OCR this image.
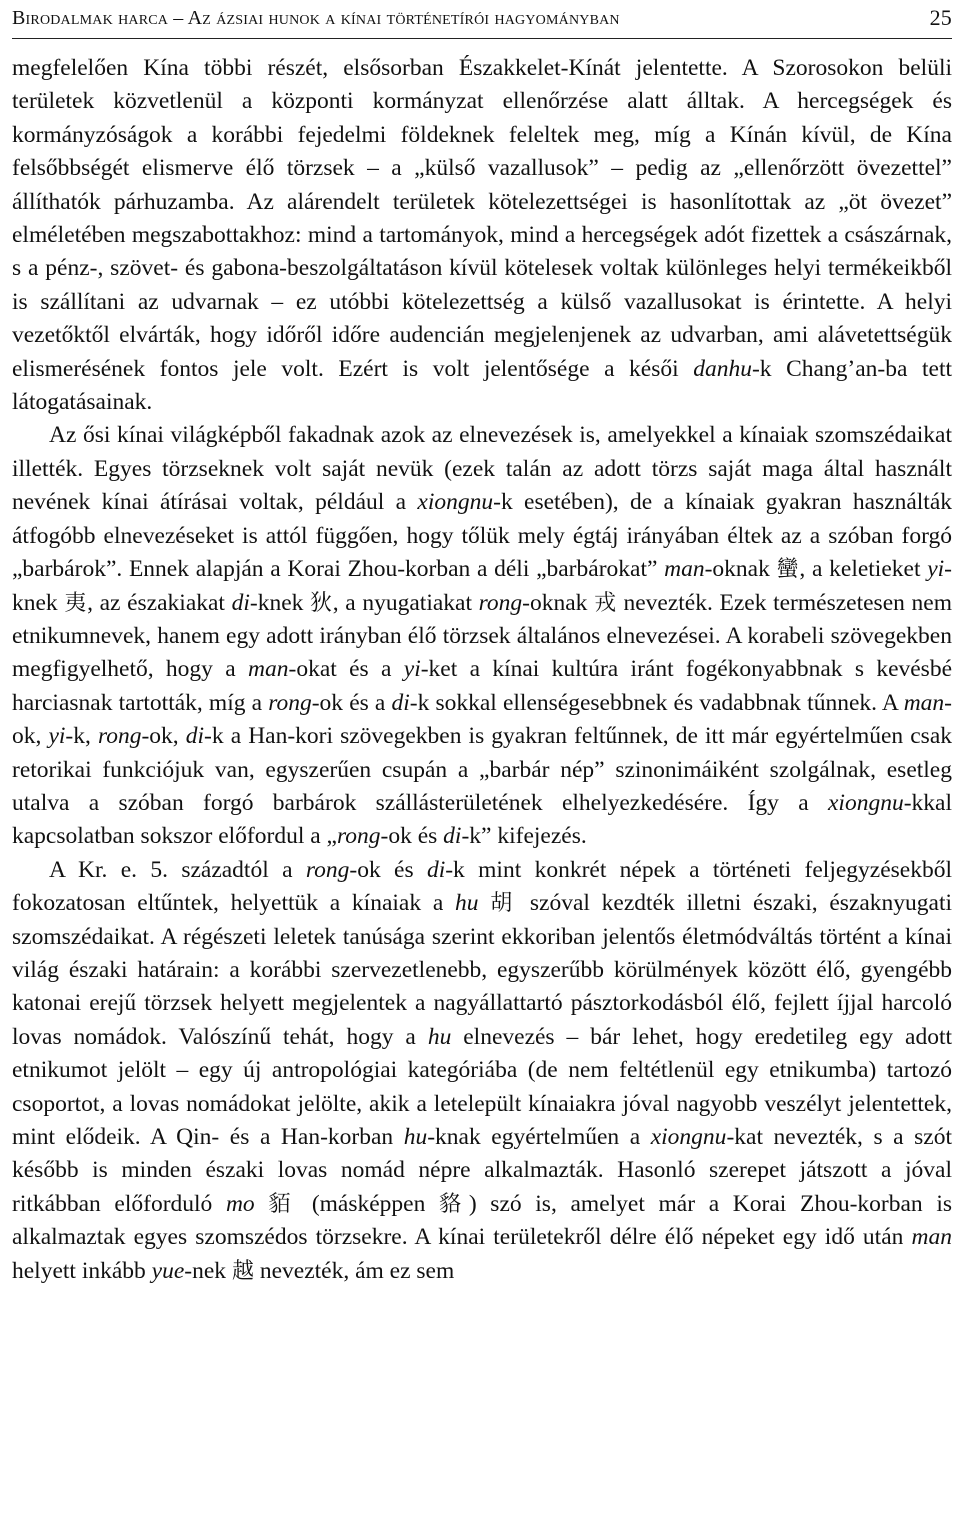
Birodalmak harca – Az ázsiai hunok a kínai történetírói hagyományban	25

megfelelően Kína többi részét, elsősorban Északkelet-Kínát jelentette. A Szorosokon belüli területek közvetlenül a központi kormányzat ellenőrzése alatt álltak. A hercegségek és kormányzóságok a korábbi fejedelmi földeknek feleltek meg, míg a Kínán kívül, de Kína felsőbbségét elismerve élő törzsek – a „külső vazallusok” – pedig az „ellenőrzött övezettel” állíthatók párhuzamba. Az alárendelt területek kötelezettségei is hasonlítottak az „öt övezet” elméletében megszabottakhoz: mind a tartományok, mind a hercegségek adót fizettek a császárnak, s a pénz-, szövet- és gabona-beszolgáltatáson kívül kötelesek voltak különleges helyi termékeikből is szállítani az udvarnak – ez utóbbi kötelezettség a külső vazallusokat is érintette. A helyi vezetőktől elvárták, hogy időről időre audencián megjelenjenek az udvarban, ami alávetettségük elismerésének fontos jele volt. Ezért is volt jelentősége a késői danhu-k Chang’an-ba tett látogatásainak.

Az ősi kínai világképből fakadnak azok az elnevezések is, amelyekkel a kínaiak szomszédaikat illették. Egyes törzseknek volt saját nevük (ezek talán az adott törzs saját maga által használt nevének kínai átírásai voltak, például a xiongnu-k esetében), de a kínaiak gyakran használták átfogóbb elnevezéseket is attól függően, hogy tőlük mely égtáj irányában éltek az a szóban forgó „barbárok”. Ennek alapján a Korai Zhou-korban a déli „barbárokat” man-oknak 蠻, a keletieket yi-knek 夷, az északiakat di-knek 狄, a nyugatiakat rong-oknak 戎 nevezték. Ezek természetesen nem etnikumnevek, hanem egy adott irányban élő törzsek általános elnevezései. A korabeli szövegekben megfigyelhető, hogy a man-okat és a yi-ket a kínai kultúra iránt fogékonyabbnak s kevésbé harciasnak tartották, míg a rong-ok és a di-k sokkal ellenségesebbnek és vadabbnak tűnnek. A man-ok, yi-k, rong-ok, di-k a Han-kori szövegekben is gyakran feltűnnek, de itt már egyértelműen csak retorikai funkciójuk van, egyszerűen csupán a „barbár nép” szinonimáiként szolgálnak, esetleg utalva a szóban forgó barbárok szállásterületének elhelyezkedésére. Így a xiongnu-kkal kapcsolatban sokszor előfordul a „rong-ok és di-k” kifejezés.

A Kr. e. 5. századtól a rong-ok és di-k mint konkrét népek a történeti feljegyzésekből fokozatosan eltűntek, helyettük a kínaiak a hu 胡 szóval kezdték illetni északi, északnyugati szomszédaikat. A régészeti leletek tanúsága szerint ekkoriban jelentős életmódváltás történt a kínai világ északi határain: a korábbi szervezetlenebb, egyszerűbb körülmények között élő, gyengébb katonai erejű törzsek helyett megjelentek a nagyállattartó pásztorkodásból élő, fejlett íjjal harcoló lovas nomádok. Valószínű tehát, hogy a hu elnevezés – bár lehet, hogy eredetileg egy adott etnikumot jelölt – egy új antropológiai kategóriába (de nem feltétlenül egy etnikumba) tartozó csoportot, a lovas nomádokat jelölte, akik a letelepült kínaiakra jóval nagyobb veszélyt jelentettek, mint elődeik. A Qin- és a Han-korban hu-knak egyértelműen a xiongnu-kat nevezték, s a szót később is minden északi lovas nomád népre alkalmazták. Hasonló szerepet játszott a jóval ritkábban előforduló mo 貊 (másképpen 貉) szó is, amelyet már a Korai Zhou-korban is alkalmaztak egyes szomszédos törzsekre. A kínai területekről délre élő népeket egy idő után man helyett inkább yue-nek 越 nevezték, ám ez sem
